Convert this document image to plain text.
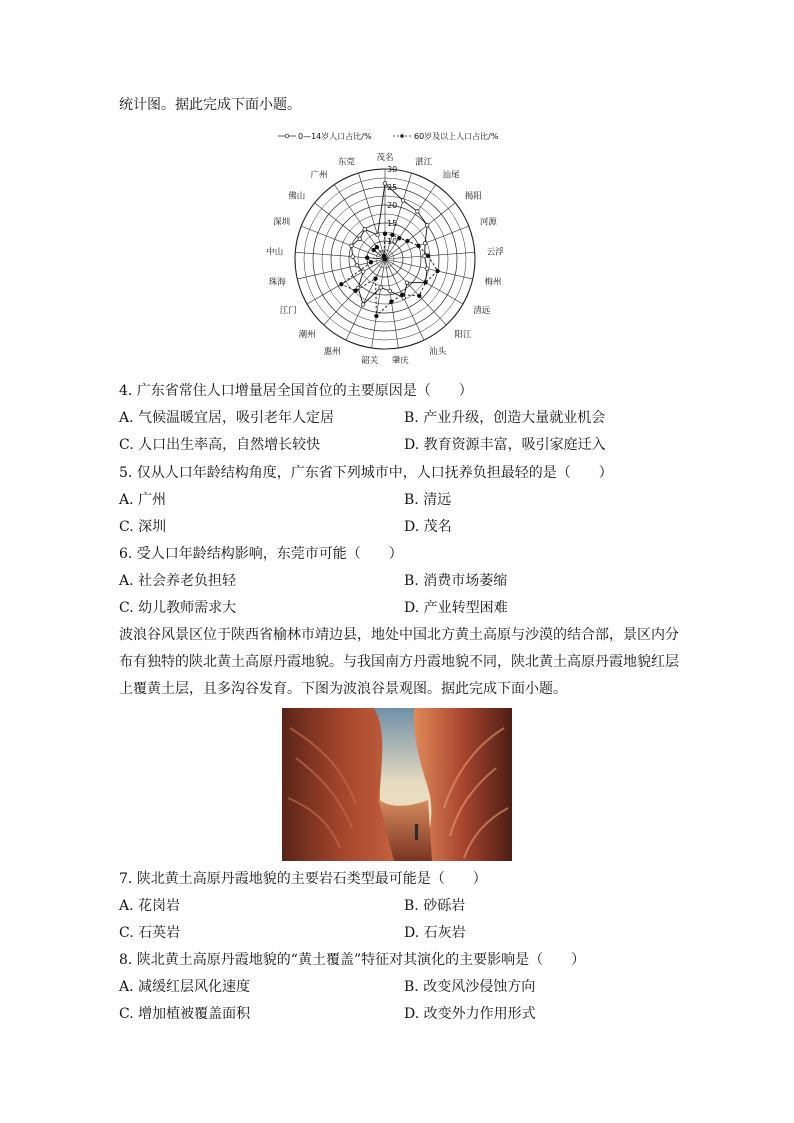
统计图。据此完成下面小题。
0—14岁人口占比/%	60岁及以上人口占比/%
茂名	湛江
汕尾
揭阳
河源
云浮
梅州
清远
阳江
汕头
肇庆
韶关
惠州
潮州
江门
珠海
中山
深圳
佛山
广州
东莞
10
15
20
25
30
4. 广东省常住人口增量居全国首位的主要原因是（　　）
A. 气候温暖宜居，吸引老年人定居	B. 产业升级，创造大量就业机会
C. 人口出生率高，自然增长较快	D. 教育资源丰富，吸引家庭迁入
5. 仅从人口年龄结构角度，广东省下列城市中，人口抚养负担最轻的是（　　）
A. 广州	B. 清远
C. 深圳	D. 茂名
6. 受人口年龄结构影响，东莞市可能（　　）
A. 社会养老负担轻	B. 消费市场萎缩
C. 幼儿教师需求大	D. 产业转型困难
波浪谷风景区位于陕西省榆林市靖边县，地处中国北方黄土高原与沙漠的结合部，景区内分布有独特的陕北黄土高原丹霞地貌。与我国南方丹霞地貌不同，陕北黄土高原丹霞地貌红层上覆黄土层，且多沟谷发育。下图为波浪谷景观图。据此完成下面小题。
7. 陕北黄土高原丹霞地貌的主要岩石类型最可能是（　　）
A. 花岗岩	B. 砂砾岩
C. 石英岩	D. 石灰岩
8. 陕北黄土高原丹霞地貌的“黄土覆盖”特征对其演化的主要影响是（　　）
A. 减缓红层风化速度	B. 改变风沙侵蚀方向
C. 增加植被覆盖面积	D. 改变外力作用形式
